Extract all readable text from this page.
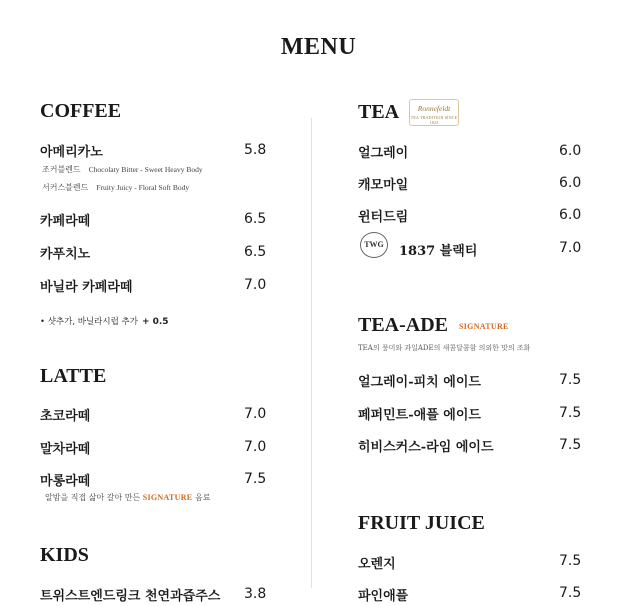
MENU
COFFEE
아메리카노	5.8
조커블렌드 Chocolaty Bitter - Sweet Heavy Body
서커스블렌드 Fruity Juicy - Floral Soft Body
카페라떼	6.5
카푸치노	6.5
바닐라 카페라떼	7.0
• 샷추가, 바닐라시럽 추가 + 0.5
LATTE
초코라떼	7.0
말차라떼	7.0
마롱라떼	7.5
알밤을 직접 삶아 갈아 만든 SIGNATURE 음료
KIDS
트위스트엔드링크 천연과즙주스 3.8
TEA	Ronnefeldt
TEA TRADITION SINCE 1823
얼그레이	6.0
캐모마일	6.0
윈터드림	6.0
TWG	1837 블랙티	7.0
TEA-ADE SIGNATURE
TEA의 풍미와 과일ADE의 새콤달콤함 의외한 맛의 조화
얼그레이-피치 에이드	7.5
페퍼민트-애플 에이드	7.5
히비스커스-라임 에이드	7.5
FRUIT JUICE
오렌지	7.5
파인애플	7.5
